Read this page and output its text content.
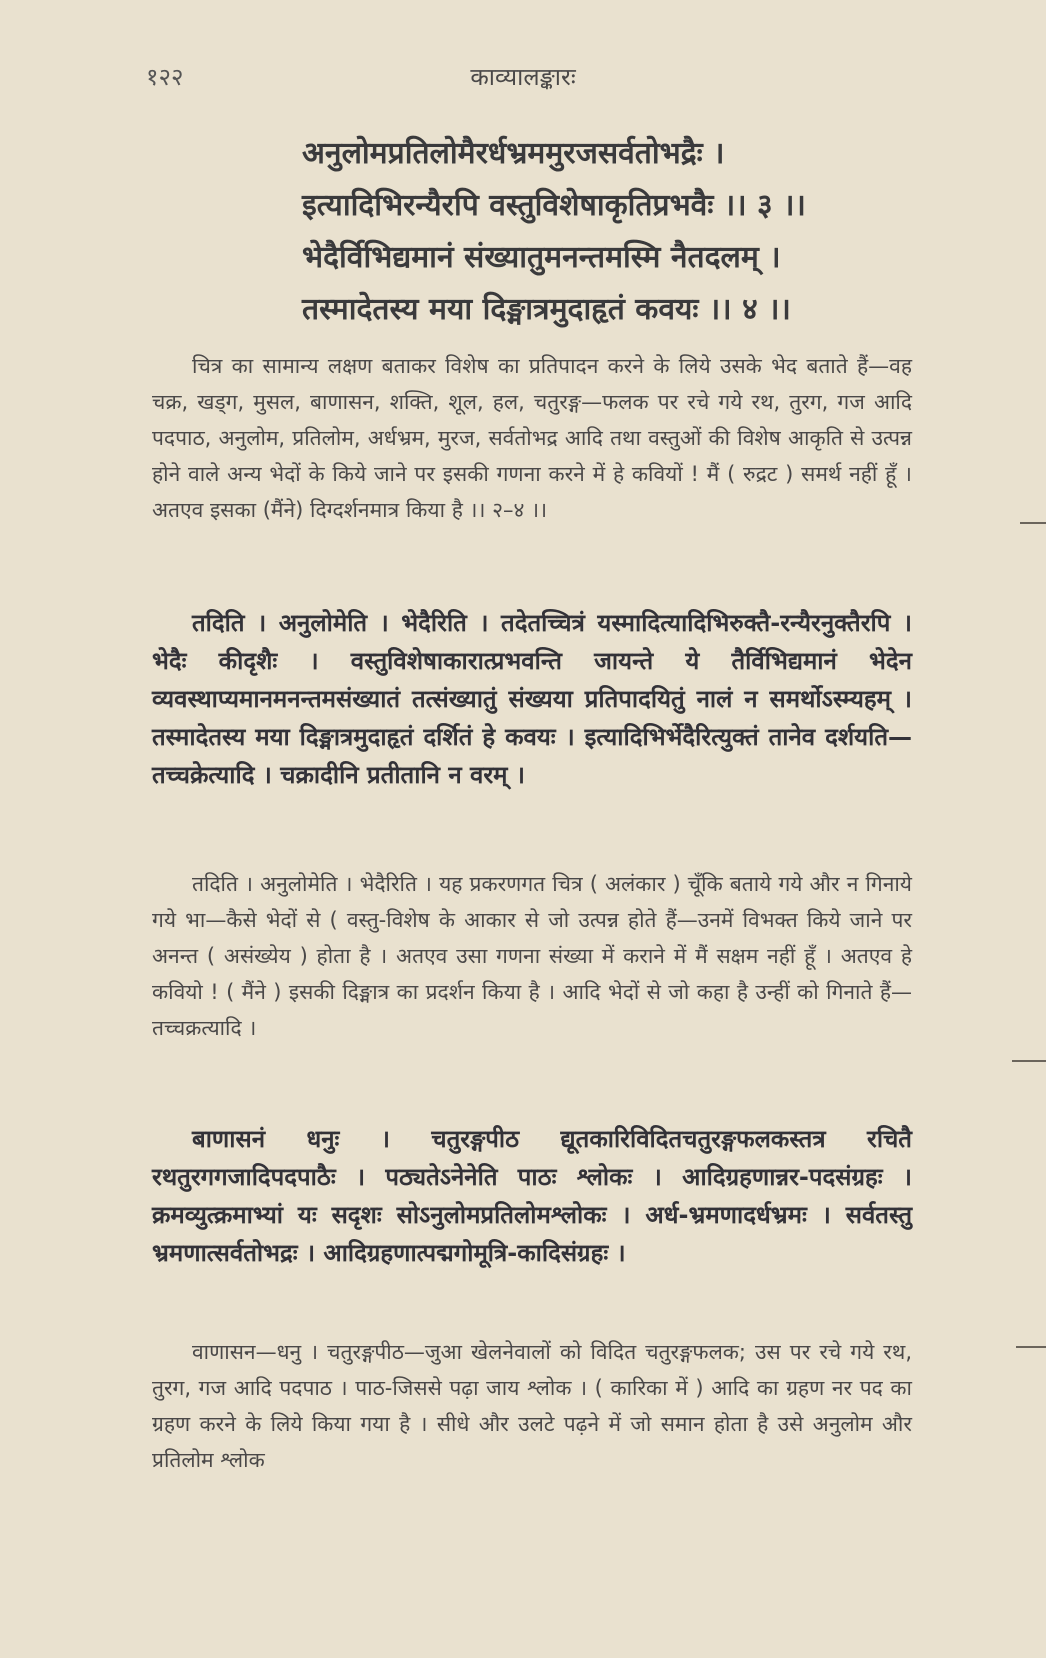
१२२	काव्यालङ्कारः
अनुलोमप्रतिलोमैरर्धभ्रममुरजसर्वतोभद्रैः ।
इत्यादिभिरन्यैरपि वस्तुविशेषाकृतिप्रभवैः ।। ३ ।।
भेदैर्विभिद्यमानं संख्यातुमनन्तमस्मि नैतदलम् ।
तस्मादेतस्य मया दिङ्मात्रमुदाहृतं कवयः ।। ४ ।।

चित्र का सामान्य लक्षण बताकर विशेष का प्रतिपादन करने के लिये उसके भेद बताते हैं—वह चक्र, खड्ग, मुसल, बाणासन, शक्ति, शूल, हल, चतुरङ्ग—फलक पर रचे गये रथ, तुरग, गज आदि पदपाठ, अनुलोम, प्रतिलोम, अर्धभ्रम, मुरज, सर्वतोभद्र आदि तथा वस्तुओं की विशेष आकृति से उत्पन्न होने वाले अन्य भेदों के किये जाने पर इसकी गणना करने में हे कवियों ! मैं ( रुद्रट ) समर्थ नहीं हूँ । अतएव इसका (मैंने) दिग्दर्शनमात्र किया है ।। २–४ ।।

तदिति । अनुलोमेति । भेदैरिति । तदेतच्चित्रं यस्मादित्यादिभिरुक्तै-रन्यैरनुक्तैरपि । भेदैः कीदृशैः । वस्तुविशेषाकारात्प्रभवन्ति जायन्ते ये तैर्विभिद्यमानं भेदेन व्यवस्थाप्यमानमनन्तमसंख्यातं तत्संख्यातुं संख्यया प्रतिपादयितुं नालं न समर्थोऽस्म्यहम् । तस्मादेतस्य मया दिङ्मात्रमुदाहृतं दर्शितं हे कवयः । इत्यादिभिर्भेदैरित्युक्तं तानेव दर्शयति—तच्चक्रेत्यादि । चक्रादीनि प्रतीतानि न वरम् ।

तदिति । अनुलोमेति । भेदैरिति । यह प्रकरणगत चित्र ( अलंकार ) चूँकि बताये गये और न गिनाये गये भा—कैसे भेदों से ( वस्तु-विशेष के आकार से जो उत्पन्न होते हैं—उनमें विभक्त किये जाने पर अनन्त ( असंख्येय ) होता है । अतएव उसा गणना संख्या में कराने में मैं सक्षम नहीं हूँ । अतएव हे कवियो ! ( मैंने ) इसकी दिङ्मात्र का प्रदर्शन किया है । आदि भेदों से जो कहा है उन्हीं को गिनाते हैं—तच्चक्रत्यादि ।

बाणासनं धनुः । चतुरङ्गपीठ द्यूतकारिविदितचतुरङ्गफलकस्तत्र रचितै रथतुरगगजादिपदपाठैः । पठ्यतेऽनेनेति पाठः श्लोकः । आदिग्रहणान्नर-पदसंग्रहः । क्रमव्युत्क्रमाभ्यां यः सदृशः सोऽनुलोमप्रतिलोमश्लोकः । अर्ध-भ्रमणादर्धभ्रमः । सर्वतस्तु भ्रमणात्सर्वतोभद्रः । आदिग्रहणात्पद्मगोमूत्रि-कादिसंग्रहः ।

वाणासन—धनु । चतुरङ्गपीठ—जुआ खेलनेवालों को विदित चतुरङ्गफलक; उस पर रचे गये रथ, तुरग, गज आदि पदपाठ । पाठ-जिससे पढ़ा जाय श्लोक । ( कारिका में ) आदि का ग्रहण नर पद का ग्रहण करने के लिये किया गया है । सीधे और उलटे पढ़ने में जो समान होता है उसे अनुलोम और प्रतिलोम श्लोक
